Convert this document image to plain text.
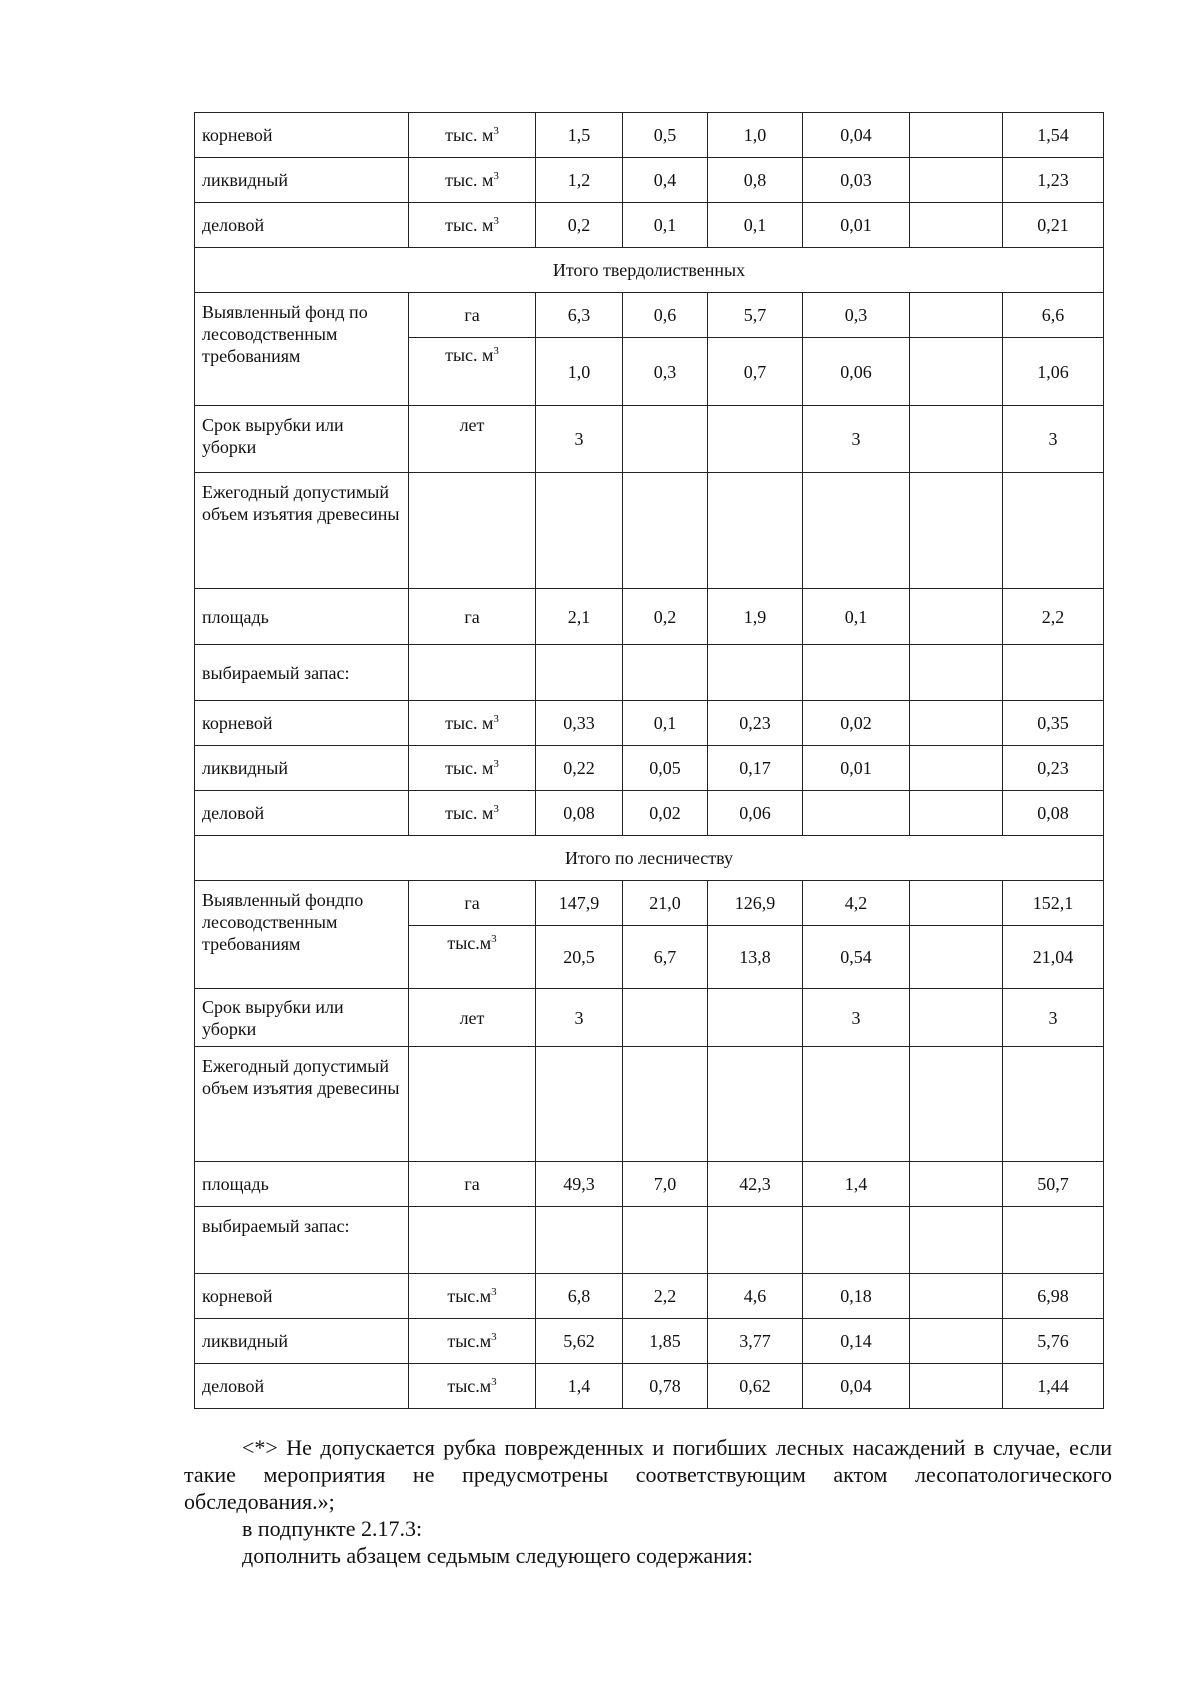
корневой	тыс. $м^3$	1,5	0,5	1,0	0,04		1,54
ликвидный	тыс. $м^3$	1,2	0,4	0,8	0,03		1,23
деловой	тыс. $м^3$	0,2	0,1	0,1	0,01		0,21
Итого твердолиственных							
Выявленный фонд по лесоводственным требованиям	га	6,3	0,6	5,7	0,3		6,6
	тыс. $м^3$	1,0	0,3	0,7	0,06		1,06
Срок вырубки или уборки	лет	3			3		3
Ежегодный допустимый объем изъятия древесины							
площадь	га	2,1	0,2	1,9	0,1		2,2
выбираемый запас:							
корневой	тыс. $м^3$	0,33	0,1	0,23	0,02		0,35
ликвидный	тыс. $м^3$	0,22	0,05	0,17	0,01		0,23
деловой	тыс. $м^3$	0,08	0,02	0,06			0,08
Итого по лесничеству							
Выявленный фондпо лесоводственным требованиям	га	147,9	21,0	126,9	4,2		152,1
	$тыс.м^3$	20,5	6,7	13,8	0,54		21,04
Срок вырубки или уборки	лет	3			3		3
Ежегодный допустимый объем изъятия древесины							
площадь	га	49,3	7,0	42,3	1,4		50,7
выбираемый запас:							
корневой	$тыс.м^3$	6,8	2,2	4,6	0,18		6,98
ликвидный	$тыс.м^3$	5,62	1,85	3,77	0,14		5,76
деловой	$тыс.м^3$	1,4	0,78	0,62	0,04		1,44

<*> Не допускается рубка поврежденных и погибших лесных насаждений в случае, если такие мероприятия не предусмотрены соответствующим актом лесопатологического обследования.»;

в подпункте 2.17.3:

дополнить абзацем седьмым следующего содержания:
